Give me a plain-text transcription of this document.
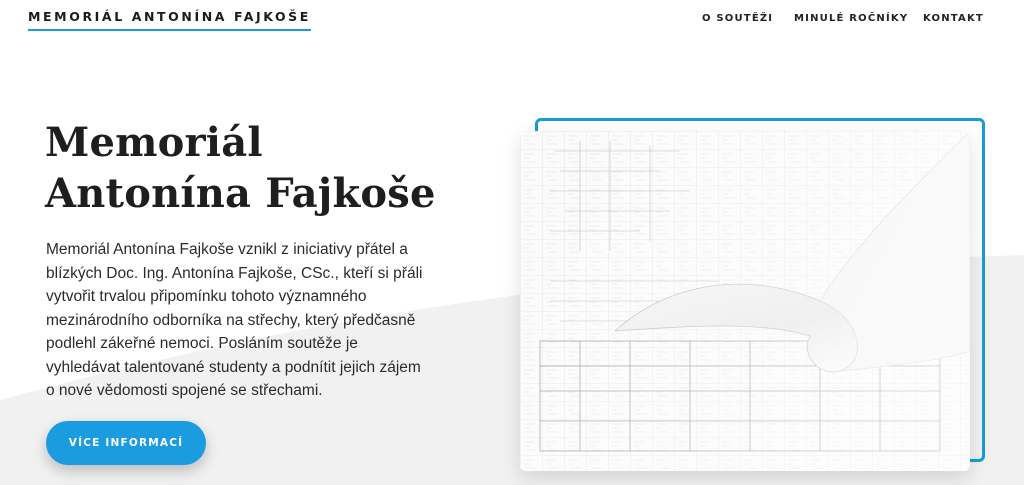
MEMORIÁL ANTONÍNA FAJKOŠE	O SOUTĚŽI MINULÉ ROČNÍKY KONTAKT
Memoriál Antonína Fajkoše

Memoriál Antonína Fajkoše vznikl z iniciativy přátel a blízkých Doc. Ing. Antonína Fajkoše, CSc., kteří si přáli vytvořit trvalou připomínku tohoto významného mezinárodního odborníka na střechy, který předčasně podlehl zákeřné nemoci. Posláním soutěže je vyhledávat talentované studenty a podnítit jejich zájem o nové vědomosti spojené se střechami.

VÍCE INFORMACÍ
